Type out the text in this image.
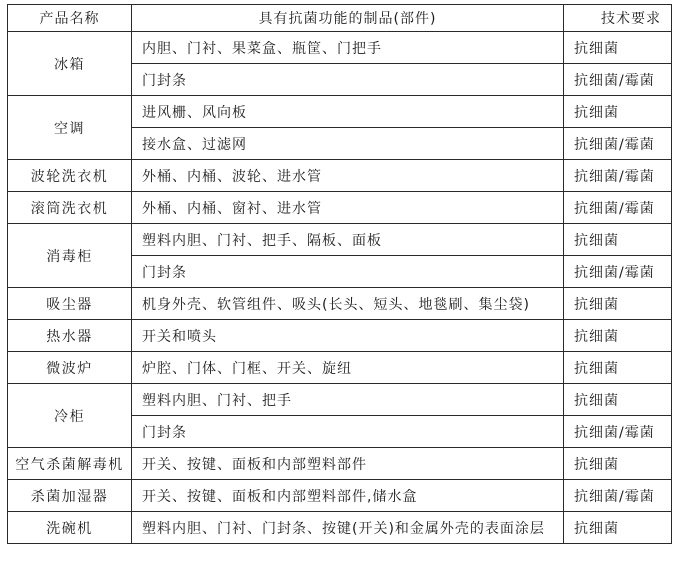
产品名称	具有抗菌功能的制品(部件)	技术要求
冰箱	内胆、门衬、果菜盒、瓶筐、门把手	抗细菌
	门封条	抗细菌/霉菌
空调	进风栅、风向板	抗细菌
	接水盒、过滤网	抗细菌/霉菌
波轮洗衣机	外桶、内桶、波轮、进水管	抗细菌/霉菌
滚筒洗衣机	外桶、内桶、窗衬、进水管	抗细菌/霉菌
消毒柜	塑料内胆、门衬、把手、隔板、面板	抗细菌
	门封条	抗细菌/霉菌
吸尘器	机身外壳、软管组件、吸头(长头、短头、地毯刷、集尘袋)	抗细菌
热水器	开关和喷头	抗细菌
微波炉	炉腔、门体、门框、开关、旋纽	抗细菌
冷柜	塑料内胆、门衬、把手	抗细菌
	门封条	抗细菌/霉菌
空气杀菌解毒机	开关、按键、面板和内部塑料部件	抗细菌
杀菌加湿器	开关、按键、面板和内部塑料部件,储水盒	抗细菌/霉菌
洗碗机	塑料内胆、门衬、门封条、按键(开关)和金属外壳的表面涂层	抗细菌
